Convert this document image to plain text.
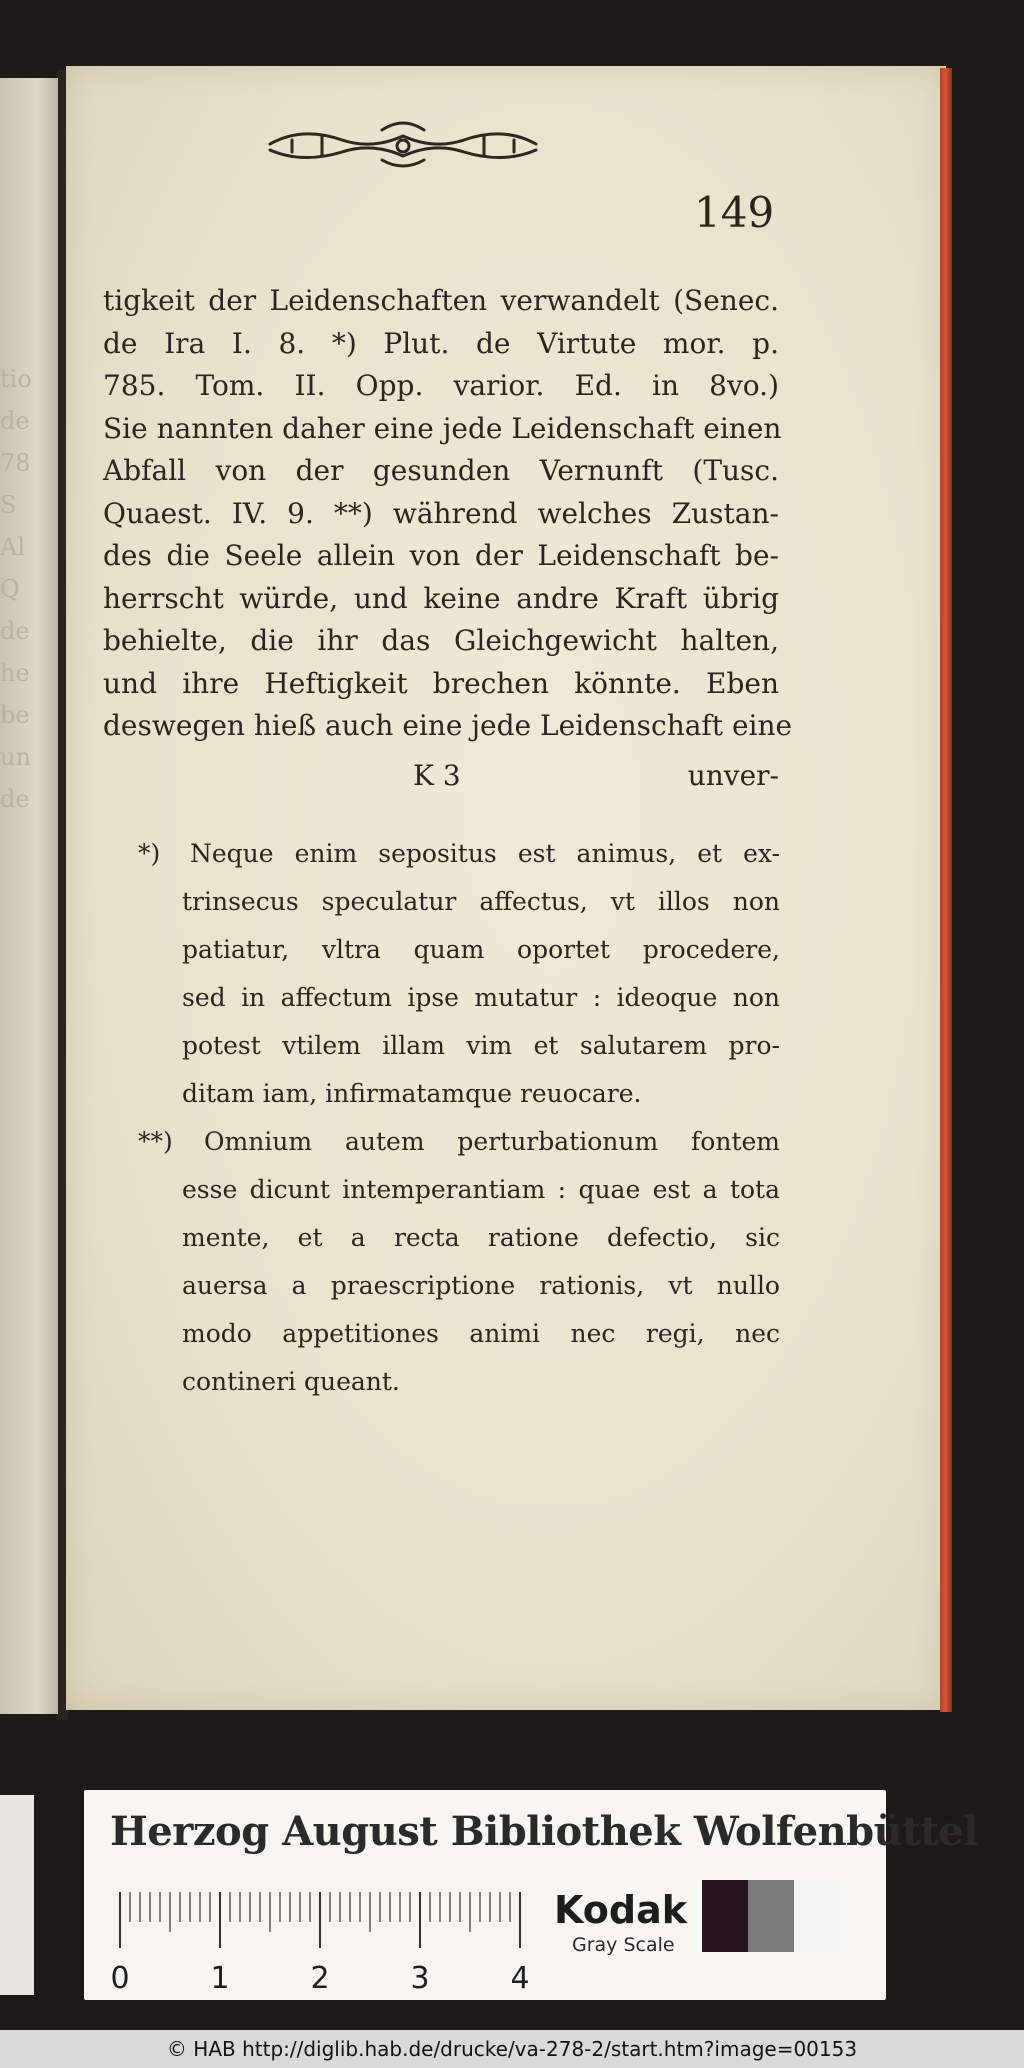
tio
de
78
S
Al
Q
de
he
be
un
de
149
tigkeit der Leidenschaften verwandelt (Senec.
de Ira I. 8. *) Plut. de Virtute mor. p.
785. Tom. II. Opp. varior. Ed. in 8vo.)
Sie nannten daher eine jede Leidenschaft einen
Abfall von der gesunden Vernunft (Tusc.
Quaest. IV. 9. **) während welches Zustan-
des die Seele allein von der Leidenschaft be-
herrscht würde, und keine andre Kraft übrig
behielte, die ihr das Gleichgewicht halten,
und ihre Heftigkeit brechen könnte. Eben
deswegen hieß auch eine jede Leidenschaft eine
K 3	unver-
*)	Neque enim sepositus est animus, et ex-
trinsecus speculatur affectus, vt illos non
patiatur, vltra quam oportet procedere,
sed in affectum ipse mutatur : ideoque non
potest vtilem illam vim et salutarem pro-
ditam iam, infirmatamque reuocare.
**)	Omnium autem perturbationum fontem
esse dicunt intemperantiam : quae est a tota
mente, et a recta ratione defectio, sic
auersa a praescriptione rationis, vt nullo
modo appetitiones animi nec regi, nec
contineri queant.
Herzog August Bibliothek Wolfenbüttel
0	1	2	3	4
Kodak
Gray Scale
© HAB http://diglib.hab.de/drucke/va-278-2/start.htm?image=00153
